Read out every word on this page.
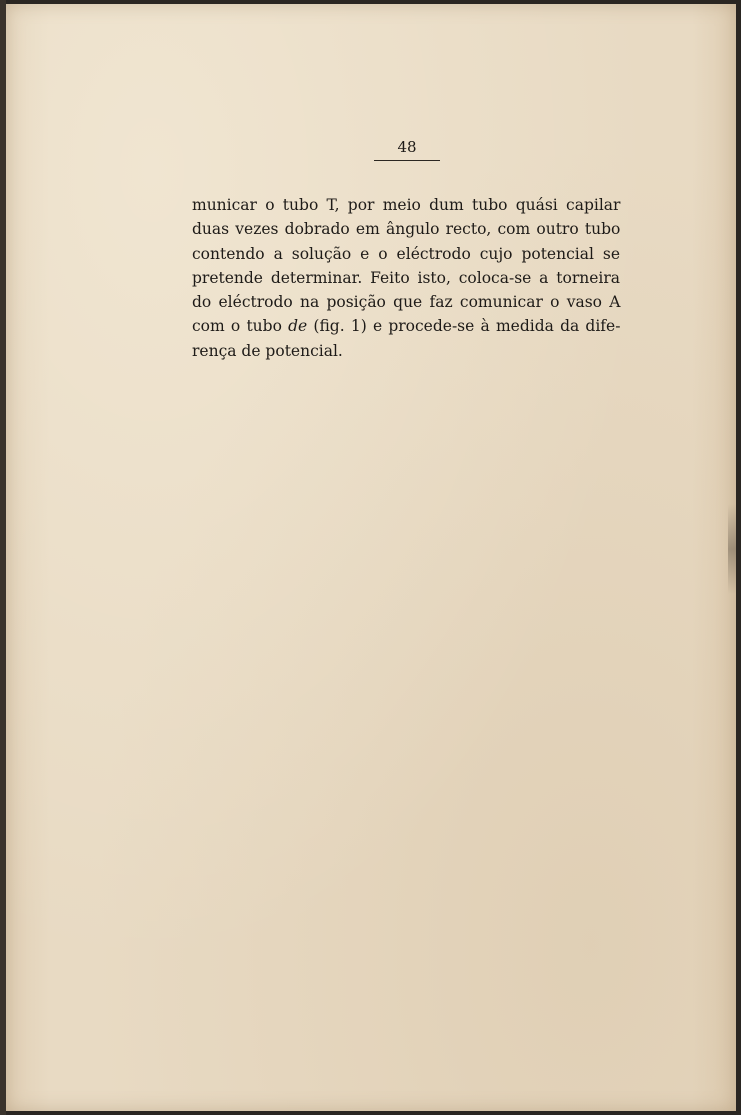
48
municar o tubo T, por meio dum tubo quási capilar
duas vezes dobrado em ângulo recto, com outro tubo
contendo a solução e o eléctrodo cujo potencial se
pretende determinar. Feito isto, coloca-se a torneira
do eléctrodo na posição que faz comunicar o vaso A
com o tubo de (fig. 1) e procede-se à medida da dife-
rença de potencial.
